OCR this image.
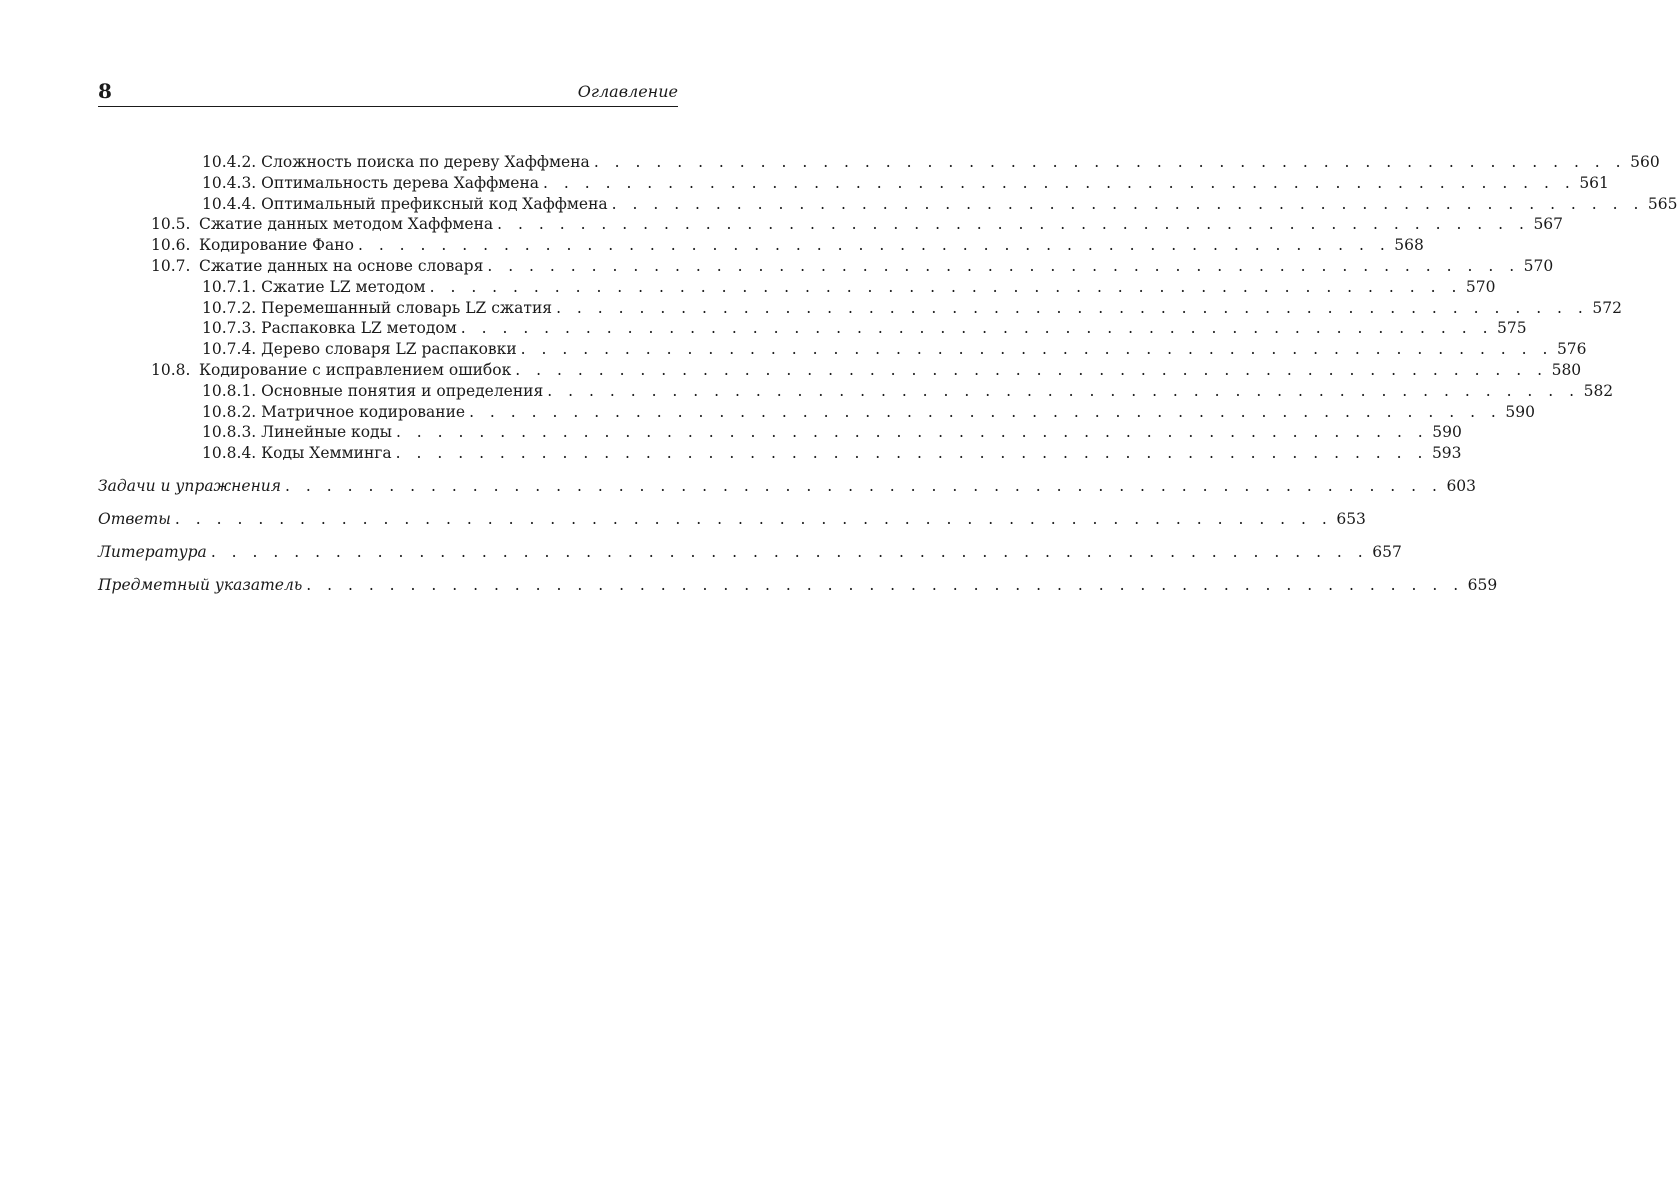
8	Оглавление
10.4.2. Сложность поиска по дереву Хаффмена . . . . . . . . . . . . . . . . . . . . . . . . . . . . . . . . . . . . . . . . . . . . . . . . . . 560
10.4.3. Оптимальность дерева Хаффмена . . . . . . . . . . . . . . . . . . . . . . . . . . . . . . . . . . . . . . . . . . . . . . . . . . 561
10.4.4. Оптимальный префиксный код Хаффмена . . . . . . . . . . . . . . . . . . . . . . . . . . . . . . . . . . . . . . . . . . . . . . . . . . 565
10.5. Сжатие данных методом Хаффмена . . . . . . . . . . . . . . . . . . . . . . . . . . . . . . . . . . . . . . . . . . . . . . . . . . 567
10.6. Кодирование Фано . . . . . . . . . . . . . . . . . . . . . . . . . . . . . . . . . . . . . . . . . . . . . . . . . . 568
10.7. Сжатие данных на основе словаря . . . . . . . . . . . . . . . . . . . . . . . . . . . . . . . . . . . . . . . . . . . . . . . . . . 570
10.7.1. Сжатие LZ методом . . . . . . . . . . . . . . . . . . . . . . . . . . . . . . . . . . . . . . . . . . . . . . . . . . 570
10.7.2. Перемешанный словарь LZ сжатия . . . . . . . . . . . . . . . . . . . . . . . . . . . . . . . . . . . . . . . . . . . . . . . . . . 572
10.7.3. Распаковка LZ методом . . . . . . . . . . . . . . . . . . . . . . . . . . . . . . . . . . . . . . . . . . . . . . . . . . 575
10.7.4. Дерево словаря LZ распаковки . . . . . . . . . . . . . . . . . . . . . . . . . . . . . . . . . . . . . . . . . . . . . . . . . . 576
10.8. Кодирование с исправлением ошибок . . . . . . . . . . . . . . . . . . . . . . . . . . . . . . . . . . . . . . . . . . . . . . . . . . 580
10.8.1. Основные понятия и определения . . . . . . . . . . . . . . . . . . . . . . . . . . . . . . . . . . . . . . . . . . . . . . . . . . 582
10.8.2. Матричное кодирование . . . . . . . . . . . . . . . . . . . . . . . . . . . . . . . . . . . . . . . . . . . . . . . . . . 590
10.8.3. Линейные коды . . . . . . . . . . . . . . . . . . . . . . . . . . . . . . . . . . . . . . . . . . . . . . . . . . 590
10.8.4. Коды Хемминга . . . . . . . . . . . . . . . . . . . . . . . . . . . . . . . . . . . . . . . . . . . . . . . . . . 593
Задачи и упражнения . . . . . . . . . . . . . . . . . . . . . . . . . . . . . . . . . . . . . . . . . . . . . . . . . . . . . . . . 603
Ответы . . . . . . . . . . . . . . . . . . . . . . . . . . . . . . . . . . . . . . . . . . . . . . . . . . . . . . . . 653
Литература . . . . . . . . . . . . . . . . . . . . . . . . . . . . . . . . . . . . . . . . . . . . . . . . . . . . . . . . 657
Предметный указатель . . . . . . . . . . . . . . . . . . . . . . . . . . . . . . . . . . . . . . . . . . . . . . . . . . . . . . . . 659
